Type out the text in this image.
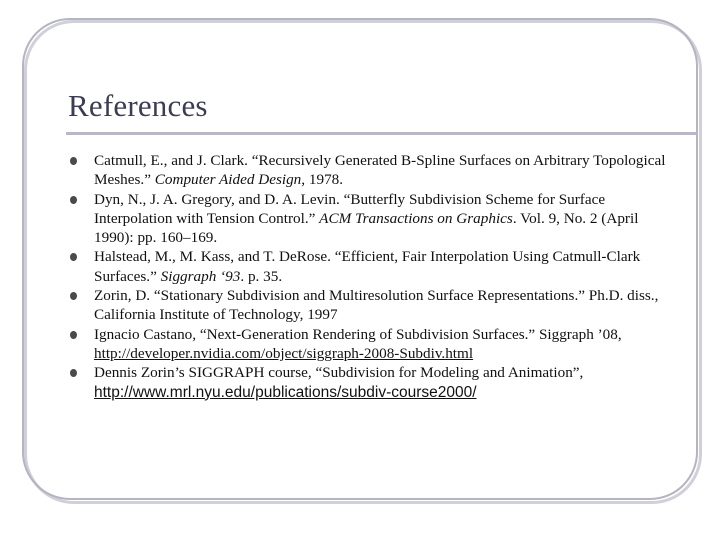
References
Catmull, E., and J. Clark. “Recursively Generated B-Spline Surfaces on Arbitrary Topological Meshes.” Computer Aided Design, 1978.
Dyn, N., J. A. Gregory, and D. A. Levin. “Butterfly Subdivision Scheme for Surface Interpolation with Tension Control.” ACM Transactions on Graphics. Vol. 9, No. 2 (April 1990): pp. 160–169.
Halstead, M., M. Kass, and T. DeRose. “Efficient, Fair Interpolation Using Catmull-Clark Surfaces.” Siggraph ‘93. p. 35.
Zorin, D. “Stationary Subdivision and Multiresolution Surface Representations.” Ph.D. diss., California Institute of Technology, 1997
Ignacio Castano, “Next-Generation Rendering of Subdivision Surfaces.” Siggraph ’08, http://developer.nvidia.com/object/siggraph-2008-Subdiv.html
Dennis Zorin’s SIGGRAPH course, “Subdivision for Modeling and Animation”, http://www.mrl.nyu.edu/publications/subdiv-course2000/
